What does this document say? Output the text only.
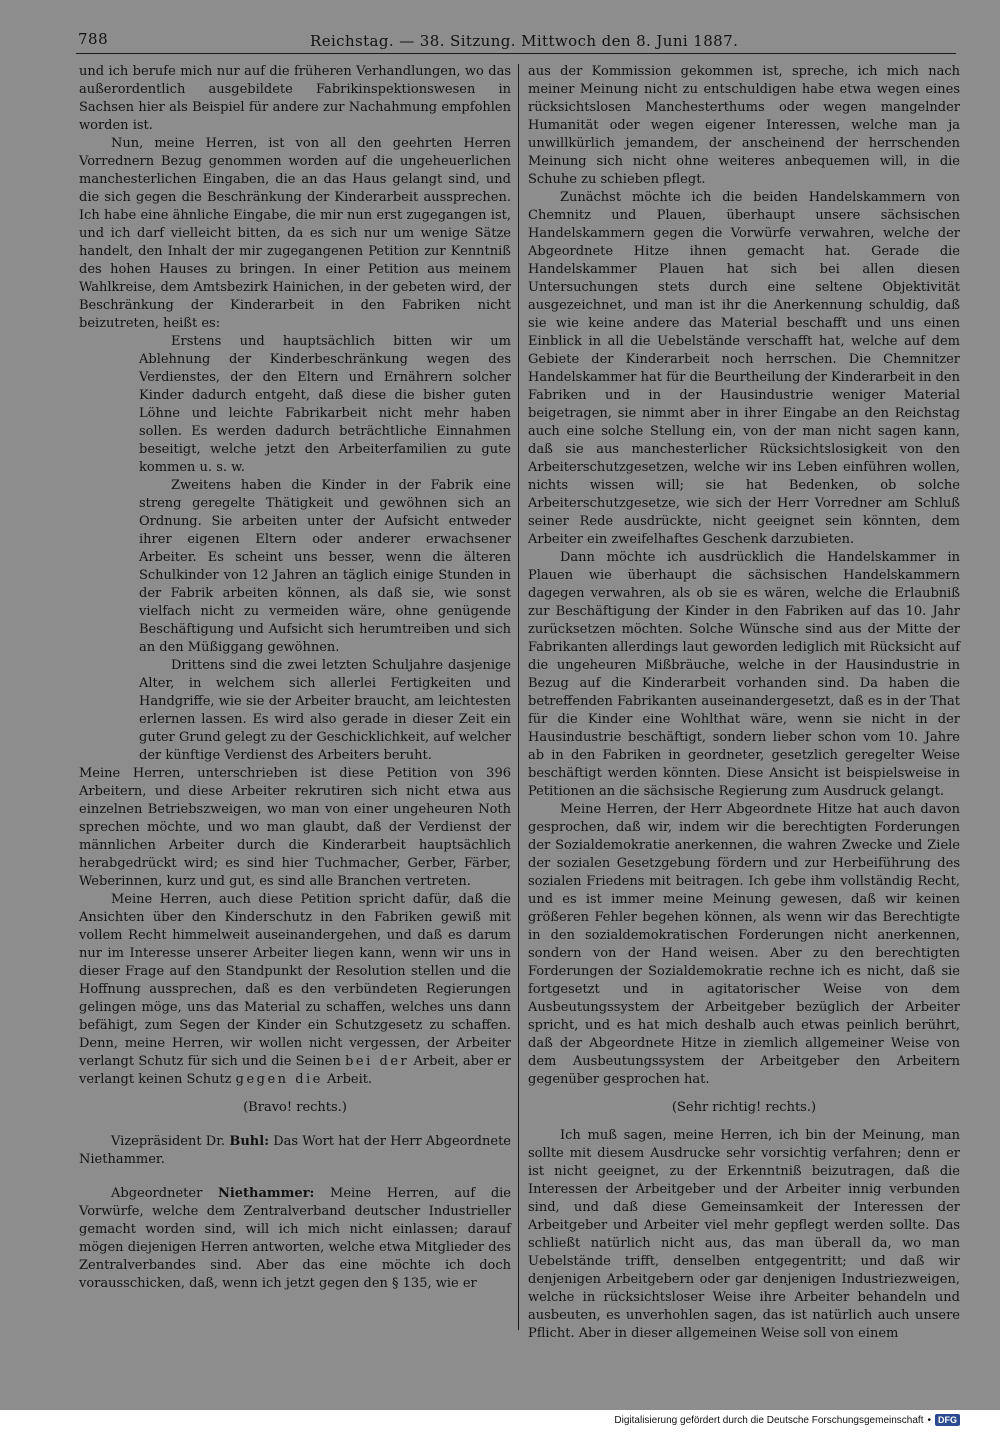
788	Reichstag. — 38. Sitzung. Mittwoch den 8. Juni 1887.

und ich berufe mich nur auf die früheren Verhandlungen, wo das außerordentlich ausgebildete Fabrikinspektionswesen in Sachsen hier als Beispiel für andere zur Nachahmung empfohlen worden ist.

Nun, meine Herren, ist von all den geehrten Herren Vorrednern Bezug genommen worden auf die ungeheuerlichen manchesterlichen Eingaben, die an das Haus gelangt sind, und die sich gegen die Beschränkung der Kinderarbeit aussprechen. Ich habe eine ähnliche Eingabe, die mir nun erst zugegangen ist, und ich darf vielleicht bitten, da es sich nur um wenige Sätze handelt, den Inhalt der mir zugegangenen Petition zur Kenntniß des hohen Hauses zu bringen. In einer Petition aus meinem Wahlkreise, dem Amtsbezirk Hainichen, in der gebeten wird, der Beschränkung der Kinderarbeit in den Fabriken nicht beizutreten, heißt es:

Erstens und hauptsächlich bitten wir um Ablehnung der Kinderbeschränkung wegen des Verdienstes, der den Eltern und Ernährern solcher Kinder dadurch entgeht, daß diese die bisher guten Löhne und leichte Fabrikarbeit nicht mehr haben sollen. Es werden dadurch beträchtliche Einnahmen beseitigt, welche jetzt den Arbeiterfamilien zu gute kommen u. s. w.

Zweitens haben die Kinder in der Fabrik eine streng geregelte Thätigkeit und gewöhnen sich an Ordnung. Sie arbeiten unter der Aufsicht entweder ihrer eigenen Eltern oder anderer erwachsener Arbeiter. Es scheint uns besser, wenn die älteren Schulkinder von 12 Jahren an täglich einige Stunden in der Fabrik arbeiten können, als daß sie, wie sonst vielfach nicht zu vermeiden wäre, ohne genügende Beschäftigung und Aufsicht sich herumtreiben und sich an den Müßiggang gewöhnen.

Drittens sind die zwei letzten Schuljahre dasjenige Alter, in welchem sich allerlei Fertigkeiten und Handgriffe, wie sie der Arbeiter braucht, am leichtesten erlernen lassen. Es wird also gerade in dieser Zeit ein guter Grund gelegt zu der Geschicklichkeit, auf welcher der künftige Verdienst des Arbeiters beruht.

Meine Herren, unterschrieben ist diese Petition von 396 Arbeitern, und diese Arbeiter rekrutiren sich nicht etwa aus einzelnen Betriebszweigen, wo man von einer ungeheuren Noth sprechen möchte, und wo man glaubt, daß der Verdienst der männlichen Arbeiter durch die Kinderarbeit hauptsächlich herabgedrückt wird; es sind hier Tuchmacher, Gerber, Färber, Weberinnen, kurz und gut, es sind alle Branchen vertreten.

Meine Herren, auch diese Petition spricht dafür, daß die Ansichten über den Kinderschutz in den Fabriken gewiß mit vollem Recht himmelweit auseinandergehen, und daß es darum nur im Interesse unserer Arbeiter liegen kann, wenn wir uns in dieser Frage auf den Standpunkt der Resolution stellen und die Hoffnung aussprechen, daß es den verbündeten Regierungen gelingen möge, uns das Material zu schaffen, welches uns dann befähigt, zum Segen der Kinder ein Schutzgesetz zu schaffen. Denn, meine Herren, wir wollen nicht vergessen, der Arbeiter verlangt Schutz für sich und die Seinen bei der Arbeit, aber er verlangt keinen Schutz gegen die Arbeit.

(Bravo! rechts.)

Vizepräsident Dr. Buhl: Das Wort hat der Herr Abgeordnete Niethammer.

Abgeordneter Niethammer: Meine Herren, auf die Vorwürfe, welche dem Zentralverband deutscher Industrieller gemacht worden sind, will ich mich nicht einlassen; darauf mögen diejenigen Herren antworten, welche etwa Mitglieder des Zentralverbandes sind. Aber das eine möchte ich doch vorausschicken, daß, wenn ich jetzt gegen den § 135, wie er

aus der Kommission gekommen ist, spreche, ich mich nach meiner Meinung nicht zu entschuldigen habe etwa wegen eines rücksichtslosen Manchesterthums oder wegen mangelnder Humanität oder wegen eigener Interessen, welche man ja unwillkürlich jemandem, der anscheinend der herrschenden Meinung sich nicht ohne weiteres anbequemen will, in die Schuhe zu schieben pflegt.

Zunächst möchte ich die beiden Handelskammern von Chemnitz und Plauen, überhaupt unsere sächsischen Handelskammern gegen die Vorwürfe verwahren, welche der Abgeordnete Hitze ihnen gemacht hat. Gerade die Handelskammer Plauen hat sich bei allen diesen Untersuchungen stets durch eine seltene Objektivität ausgezeichnet, und man ist ihr die Anerkennung schuldig, daß sie wie keine andere das Material beschafft und uns einen Einblick in all die Uebelstände verschafft hat, welche auf dem Gebiete der Kinderarbeit noch herrschen. Die Chemnitzer Handelskammer hat für die Beurtheilung der Kinderarbeit in den Fabriken und in der Hausindustrie weniger Material beigetragen, sie nimmt aber in ihrer Eingabe an den Reichstag auch eine solche Stellung ein, von der man nicht sagen kann, daß sie aus manchesterlicher Rücksichtslosigkeit von den Arbeiterschutzgesetzen, welche wir ins Leben einführen wollen, nichts wissen will; sie hat Bedenken, ob solche Arbeiterschutzgesetze, wie sich der Herr Vorredner am Schluß seiner Rede ausdrückte, nicht geeignet sein könnten, dem Arbeiter ein zweifelhaftes Geschenk darzubieten.

Dann möchte ich ausdrücklich die Handelskammer in Plauen wie überhaupt die sächsischen Handelskammern dagegen verwahren, als ob sie es wären, welche die Erlaubniß zur Beschäftigung der Kinder in den Fabriken auf das 10. Jahr zurücksetzen möchten. Solche Wünsche sind aus der Mitte der Fabrikanten allerdings laut geworden lediglich mit Rücksicht auf die ungeheuren Mißbräuche, welche in der Hausindustrie in Bezug auf die Kinderarbeit vorhanden sind. Da haben die betreffenden Fabrikanten auseinandergesetzt, daß es in der That für die Kinder eine Wohlthat wäre, wenn sie nicht in der Hausindustrie beschäftigt, sondern lieber schon vom 10. Jahre ab in den Fabriken in geordneter, gesetzlich geregelter Weise beschäftigt werden könnten. Diese Ansicht ist beispielsweise in Petitionen an die sächsische Regierung zum Ausdruck gelangt.

Meine Herren, der Herr Abgeordnete Hitze hat auch davon gesprochen, daß wir, indem wir die berechtigten Forderungen der Sozialdemokratie anerkennen, die wahren Zwecke und Ziele der sozialen Gesetzgebung fördern und zur Herbeiführung des sozialen Friedens mit beitragen. Ich gebe ihm vollständig Recht, und es ist immer meine Meinung gewesen, daß wir keinen größeren Fehler begehen können, als wenn wir das Berechtigte in den sozialdemokratischen Forderungen nicht anerkennen, sondern von der Hand weisen. Aber zu den berechtigten Forderungen der Sozialdemokratie rechne ich es nicht, daß sie fortgesetzt und in agitatorischer Weise von dem Ausbeutungssystem der Arbeitgeber bezüglich der Arbeiter spricht, und es hat mich deshalb auch etwas peinlich berührt, daß der Abgeordnete Hitze in ziemlich allgemeiner Weise von dem Ausbeutungssystem der Arbeitgeber den Arbeitern gegenüber gesprochen hat.

(Sehr richtig! rechts.)

Ich muß sagen, meine Herren, ich bin der Meinung, man sollte mit diesem Ausdrucke sehr vorsichtig verfahren; denn er ist nicht geeignet, zu der Erkenntniß beizutragen, daß die Interessen der Arbeitgeber und der Arbeiter innig verbunden sind, und daß diese Gemeinsamkeit der Interessen der Arbeitgeber und Arbeiter viel mehr gepflegt werden sollte. Das schließt natürlich nicht aus, das man überall da, wo man Uebelstände trifft, denselben entgegentritt; und daß wir denjenigen Arbeitgebern oder gar denjenigen Industriezweigen, welche in rücksichtsloser Weise ihre Arbeiter behandeln und ausbeuten, es unverhohlen sagen, das ist natürlich auch unsere Pflicht. Aber in dieser allgemeinen Weise soll von einem

Digitalisierung gefördert durch die Deutsche Forschungsgemeinschaft • DFG
